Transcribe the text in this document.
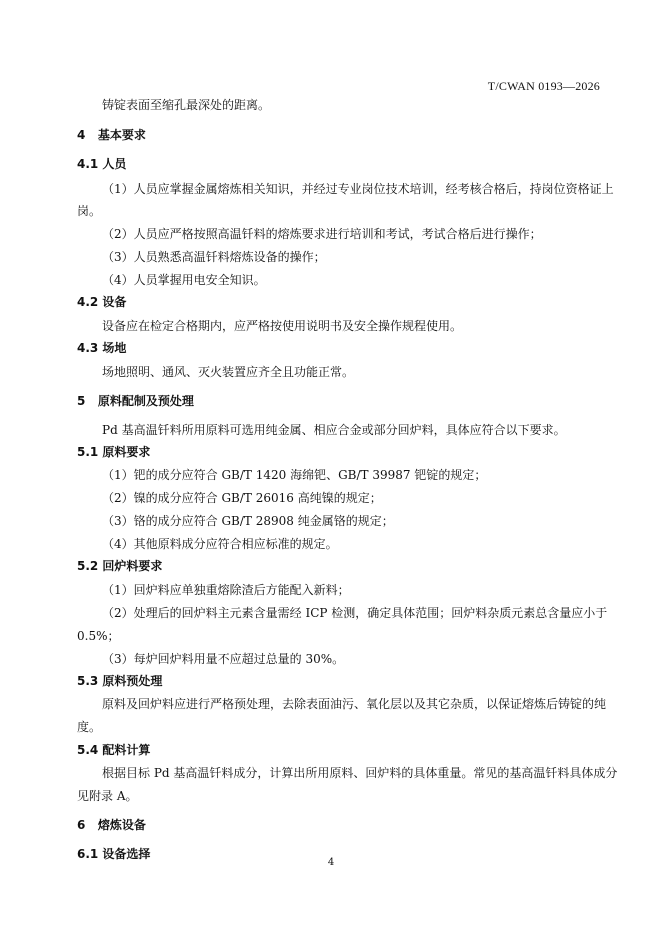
T/CWAN 0193—2026
铸锭表面至缩孔最深处的距离。
4   基本要求
4.1 人员
（1）人员应掌握金属熔炼相关知识，并经过专业岗位技术培训，经考核合格后，持岗位资格证上
岗。
（2）人员应严格按照高温钎料的熔炼要求进行培训和考试，考试合格后进行操作；
（3）人员熟悉高温钎料熔炼设备的操作；
（4）人员掌握用电安全知识。
4.2 设备
设备应在检定合格期内，应严格按使用说明书及安全操作规程使用。
4.3 场地
场地照明、通风、灭火装置应齐全且功能正常。
5   原料配制及预处理
Pd 基高温钎料所用原料可选用纯金属、相应合金或部分回炉料，具体应符合以下要求。
5.1 原料要求
（1）钯的成分应符合 GB/T 1420 海绵钯、GB/T 39987 钯锭的规定；
（2）镍的成分应符合 GB/T 26016 高纯镍的规定；
（3）铬的成分应符合 GB/T 28908 纯金属铬的规定；
（4）其他原料成分应符合相应标准的规定。
5.2 回炉料要求
（1）回炉料应单独重熔除渣后方能配入新料；
（2）处理后的回炉料主元素含量需经 ICP 检测，确定具体范围；回炉料杂质元素总含量应小于
0.5%；
（3）每炉回炉料用量不应超过总量的 30%。
5.3 原料预处理
原料及回炉料应进行严格预处理，去除表面油污、氧化层以及其它杂质，以保证熔炼后铸锭的纯
度。
5.4 配料计算
根据目标 Pd 基高温钎料成分，计算出所用原料、回炉料的具体重量。常见的基高温钎料具体成分
见附录 A。
6   熔炼设备
6.1 设备选择
4
